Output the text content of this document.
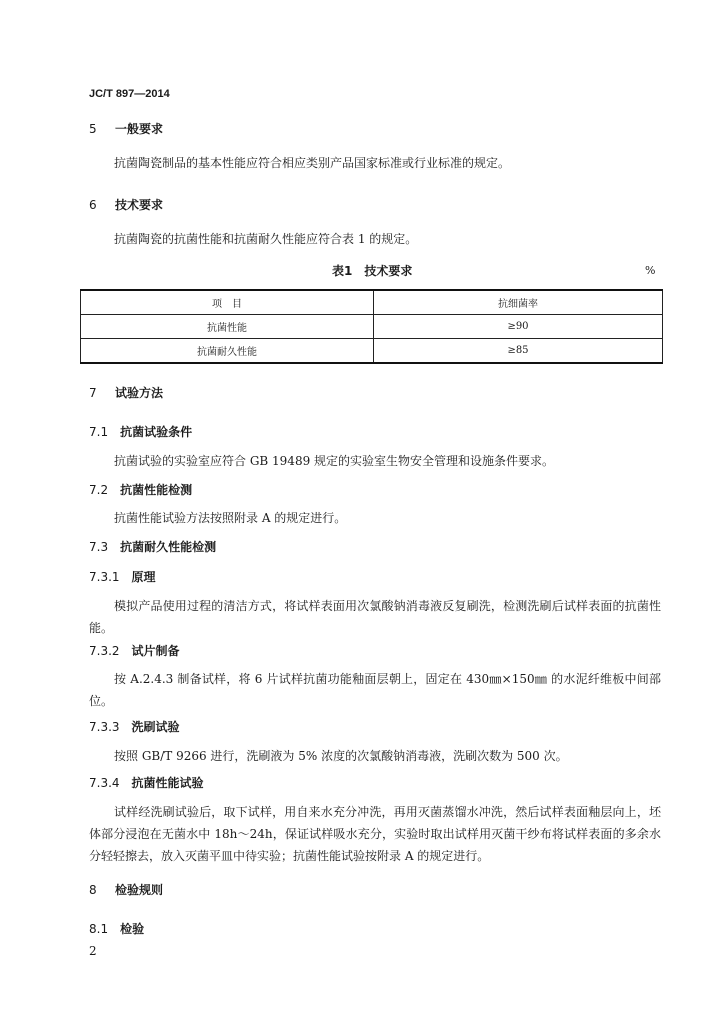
JC/T 897—2014
5 一般要求
抗菌陶瓷制品的基本性能应符合相应类别产品国家标准或行业标准的规定。
6 技术要求
抗菌陶瓷的抗菌性能和抗菌耐久性能应符合表 1 的规定。
表1　技术要求	%
项　目	抗细菌率
抗菌性能	≥90
抗菌耐久性能	≥85
7 试验方法
7.1 抗菌试验条件
抗菌试验的实验室应符合 GB 19489 规定的实验室生物安全管理和设施条件要求。
7.2 抗菌性能检测
抗菌性能试验方法按照附录 A 的规定进行。
7.3 抗菌耐久性能检测
7.3.1 原理
模拟产品使用过程的清洁方式，将试样表面用次氯酸钠消毒液反复刷洗，检测洗刷后试样表面的抗菌性能。
7.3.2 试片制备
按 A.2.4.3 制备试样，将 6 片试样抗菌功能釉面层朝上，固定在 430㎜×150㎜ 的水泥纤维板中间部位。
7.3.3 洗刷试验
按照 GB/T 9266 进行，洗刷液为 5% 浓度的次氯酸钠消毒液，洗刷次数为 500 次。
7.3.4 抗菌性能试验
试样经洗刷试验后，取下试样，用自来水充分冲洗，再用灭菌蒸馏水冲洗，然后试样表面釉层向上，坯体部分浸泡在无菌水中 18h～24h，保证试样吸水充分，实验时取出试样用灭菌干纱布将试样表面的多余水分轻轻擦去，放入灭菌平皿中待实验；抗菌性能试验按附录 A 的规定进行。
8 检验规则
8.1 检验
2
